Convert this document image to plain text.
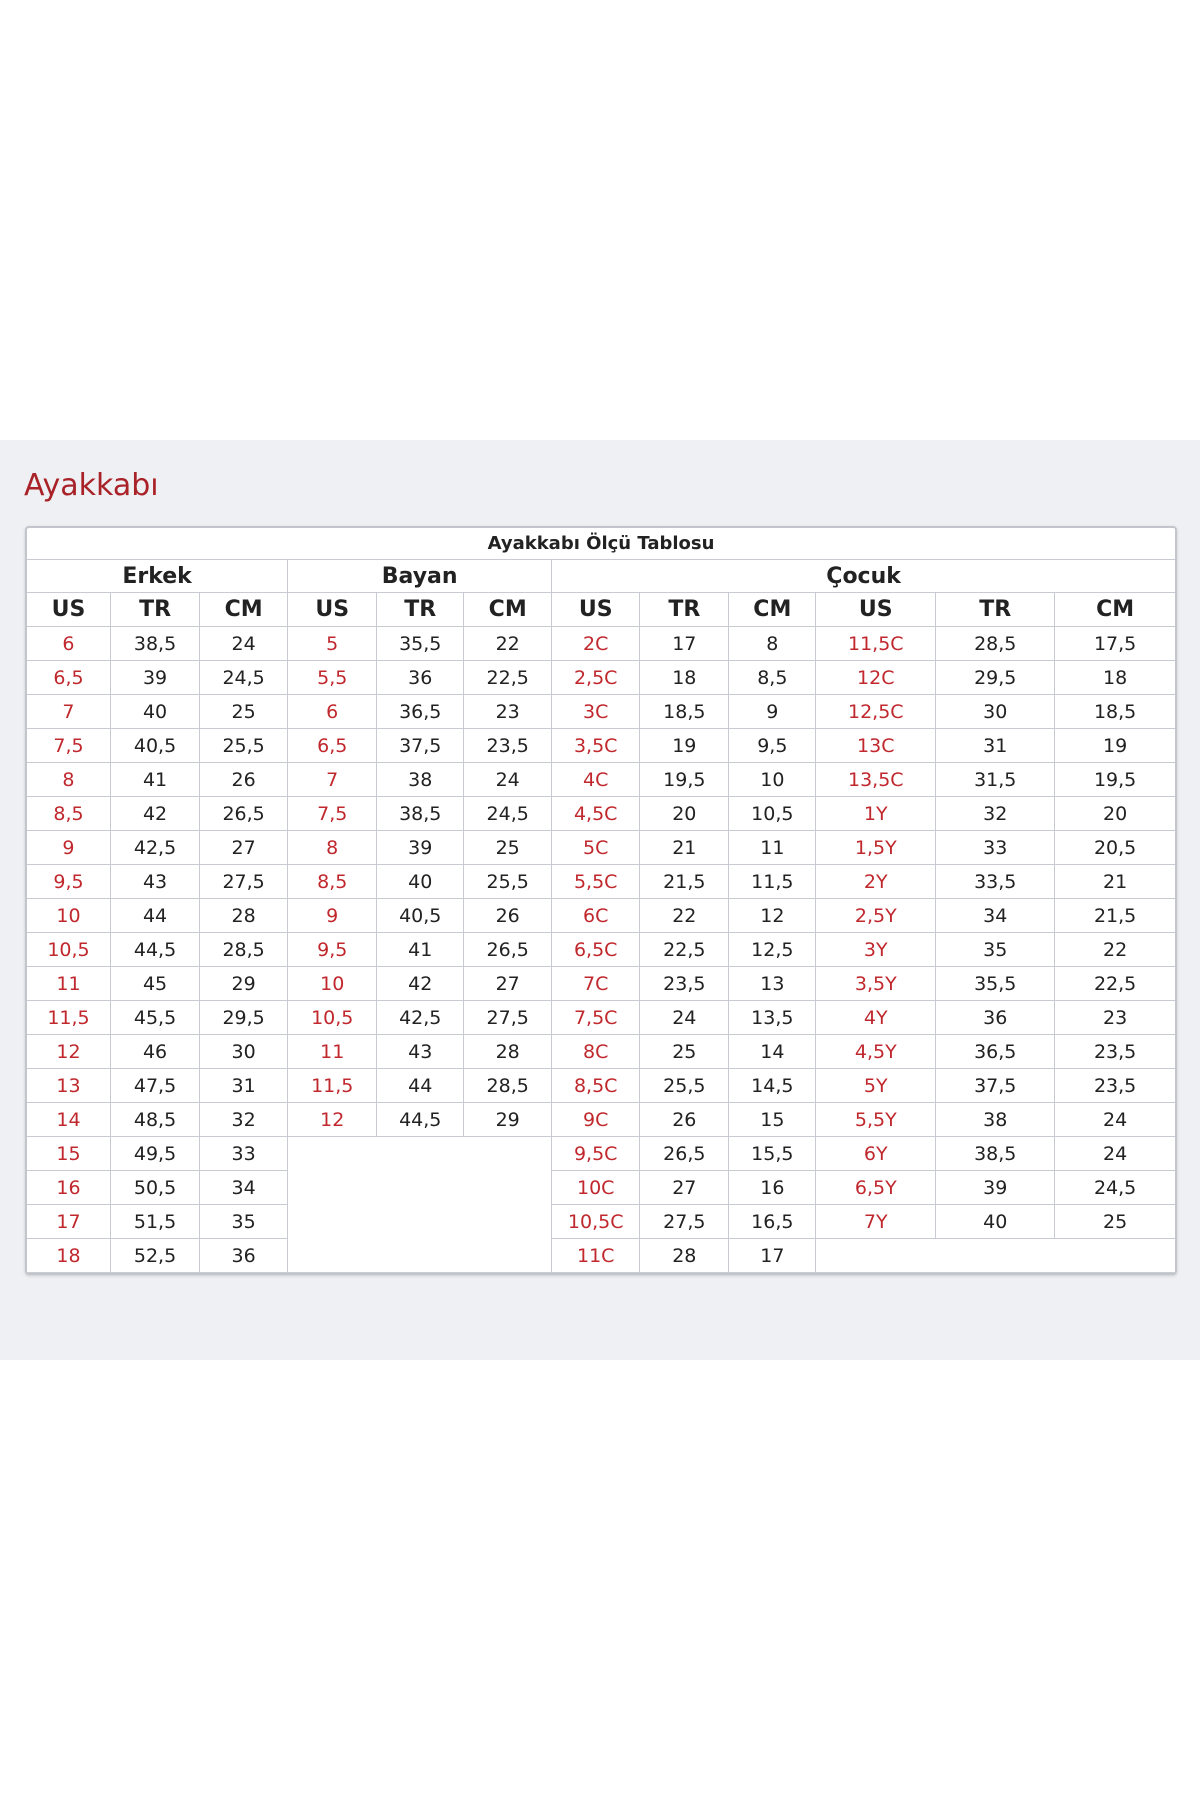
Ayakkabı
Ayakkabı Ölçü Tablosu											
Erkek			Bayan			Çocuk					
US	TR	CM	US	TR	CM	US	TR	CM	US	TR	CM
6	38,5	24	5	35,5	22	2C	17	8	11,5C	28,5	17,5
6,5	39	24,5	5,5	36	22,5	2,5C	18	8,5	12C	29,5	18
7	40	25	6	36,5	23	3C	18,5	9	12,5C	30	18,5
7,5	40,5	25,5	6,5	37,5	23,5	3,5C	19	9,5	13C	31	19
8	41	26	7	38	24	4C	19,5	10	13,5C	31,5	19,5
8,5	42	26,5	7,5	38,5	24,5	4,5C	20	10,5	1Y	32	20
9	42,5	27	8	39	25	5C	21	11	1,5Y	33	20,5
9,5	43	27,5	8,5	40	25,5	5,5C	21,5	11,5	2Y	33,5	21
10	44	28	9	40,5	26	6C	22	12	2,5Y	34	21,5
10,5	44,5	28,5	9,5	41	26,5	6,5C	22,5	12,5	3Y	35	22
11	45	29	10	42	27	7C	23,5	13	3,5Y	35,5	22,5
11,5	45,5	29,5	10,5	42,5	27,5	7,5C	24	13,5	4Y	36	23
12	46	30	11	43	28	8C	25	14	4,5Y	36,5	23,5
13	47,5	31	11,5	44	28,5	8,5C	25,5	14,5	5Y	37,5	23,5
14	48,5	32	12	44,5	29	9C	26	15	5,5Y	38	24
15	49,5	33				9,5C	26,5	15,5	6Y	38,5	24
16	50,5	34				10C	27	16	6,5Y	39	24,5
17	51,5	35				10,5C	27,5	16,5	7Y	40	25
18	52,5	36				11C	28	17			
